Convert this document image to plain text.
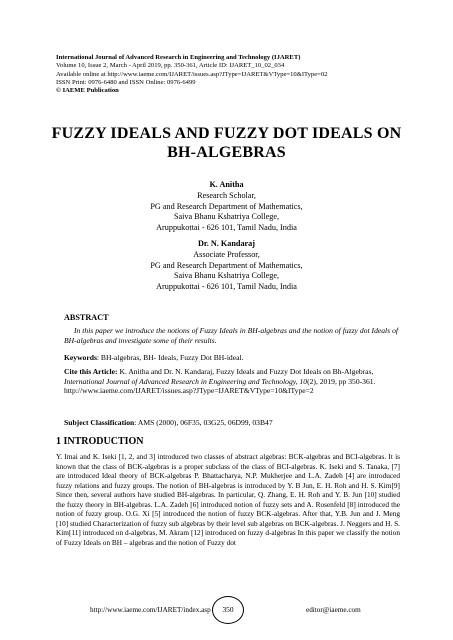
International Journal of Advanced Research in Engineering and Technology (IJARET)
Volume 10, Issue 2, March - April 2019, pp. 350-361, Article ID: IJARET_10_02_034
Available online at http://www.iaeme.com/IJARET/issues.asp?JType=IJARET&VType=10&IType=02
ISSN Print: 0976-6480 and ISSN Online: 0976-6499
© IAEME Publication
FUZZY IDEALS AND FUZZY DOT IDEALS ON
BH-ALGEBRAS
K. Anitha
Research Scholar,
PG and Research Department of Mathematics,
Saiva Bhanu Kshatriya College,
Aruppukottai - 626 101, Tamil Nadu, India
Dr. N. Kandaraj
Associate Professor,
PG and Research Department of Mathematics,
Saiva Bhanu Kshatriya College,
Aruppukottai - 626 101, Tamil Nadu, India
ABSTRACT
In this paper we introduce the notions of Fuzzy Ideals in BH-algebras and the notion of fuzzy dot Ideals of BH-algebras and investigate some of their results.
Keywords: BH-algebras, BH- Ideals, Fuzzy Dot BH-ideal.
Cite this Article: K. Anitha and Dr. N. Kandaraj, Fuzzy Ideals and Fuzzy Dot Ideals on Bh-Algebras, International Journal of Advanced Research in Engineering and Technology, 10(2), 2019, pp 350-361.
http://www.iaeme.com/IJARET/issues.asp?JType=IJARET&VType=10&IType=2
Subject Classification: AMS (2000), 06F35, 03G25, 06D99, 03B47
1 INTRODUCTION
Y. Imai and K. Iseki [1, 2, and 3] introduced two classes of abstract algebras: BCK-algebras and BCI-algebras. It is known that the class of BCK-algebras is a proper subclass of the class of BCI-algebras. K. Iseki and S. Tanaka, [7] are introduced Ideal theory of BCK-algebras P. Bhattacharya, N.P. Mukherjee and L.A. Zadeh [4] are introduced fuzzy relations and fuzzy groups. The notion of BH-algebras is introduced by Y. B Jun, E. H. Roh and H. S. Kim[9] Since then, several authors have studied BH-algebras. In particular, Q. Zhang, E. H. Roh and Y. B. Jun [10] studied the fuzzy theory in BH-algebras. L.A. Zadeh [6] introduced notion of fuzzy sets and A. Rosenfeld [8] introduced the notion of fuzzy group. O.G. Xi [5] introduced the notion of fuzzy BCK-algebras. After that, Y.B. Jun and J. Meng [10] studied Characterization of fuzzy sub algebras by their level sub algebras on BCK-algebras. J. Neggers and H. S. Kim[11] introduced on d-algebras, M. Akram [12] introduced on fuzzy d-algebras In this paper we classify the notion of Fuzzy Ideals on BH – algebras and the notion of Fuzzy dot
http://www.iaeme.com/IJARET/index.asp	350	editor@iaeme.com
